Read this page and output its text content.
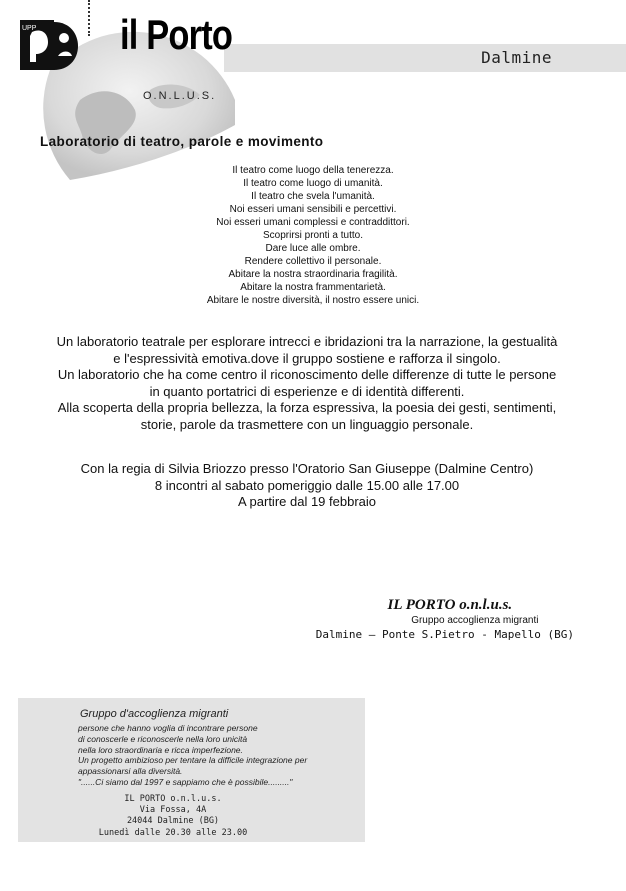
UPP il Porto	Dalmine
O.N.L.U.S.
Laboratorio di teatro, parole e movimento
Il teatro come luogo della tenerezza.
Il teatro come luogo di umanità.
Il teatro che svela l'umanità.
Noi esseri umani sensibili e percettivi.
Noi esseri umani complessi e contraddittori.
Scoprirsi pronti a tutto.
Dare luce alle ombre.
Rendere collettivo il personale.
Abitare la nostra straordinaria fragilità.
Abitare la nostra frammentarietà.
Abitare le nostre diversità, il nostro essere unici.
Un laboratorio teatrale per esplorare intrecci e ibridazioni tra la narrazione, la gestualità
e l'espressività emotiva.dove il gruppo sostiene e rafforza il singolo.
Un laboratorio che ha come centro il riconoscimento delle differenze di tutte le persone
in quanto portatrici di esperienze e di identità differenti.
Alla scoperta della propria bellezza, la forza espressiva, la poesia dei gesti, sentimenti,
storie, parole da trasmettere con un linguaggio personale.
Con la regia di Silvia Briozzo presso l'Oratorio San Giuseppe (Dalmine Centro)
8 incontri al sabato pomeriggio dalle 15.00 alle 17.00
A partire dal 19 febbraio
IL PORTO o.n.l.u.s.
Gruppo accoglienza migranti
Dalmine – Ponte S.Pietro - Mapello (BG)
Gruppo d'accoglienza migranti
persone che hanno voglia di incontrare persone
di conoscerle e riconoscerle nella loro unicità
nella loro straordinaria e ricca imperfezione.
Un progetto ambizioso per tentare la difficile integrazione per
appassionarsi alla diversità.
"......Ci siamo dal 1997 e sappiamo che è possibile........."
IL PORTO o.n.l.u.s.
Via Fossa, 4A
24044 Dalmine (BG)
Lunedì dalle 20.30 alle 23.00
